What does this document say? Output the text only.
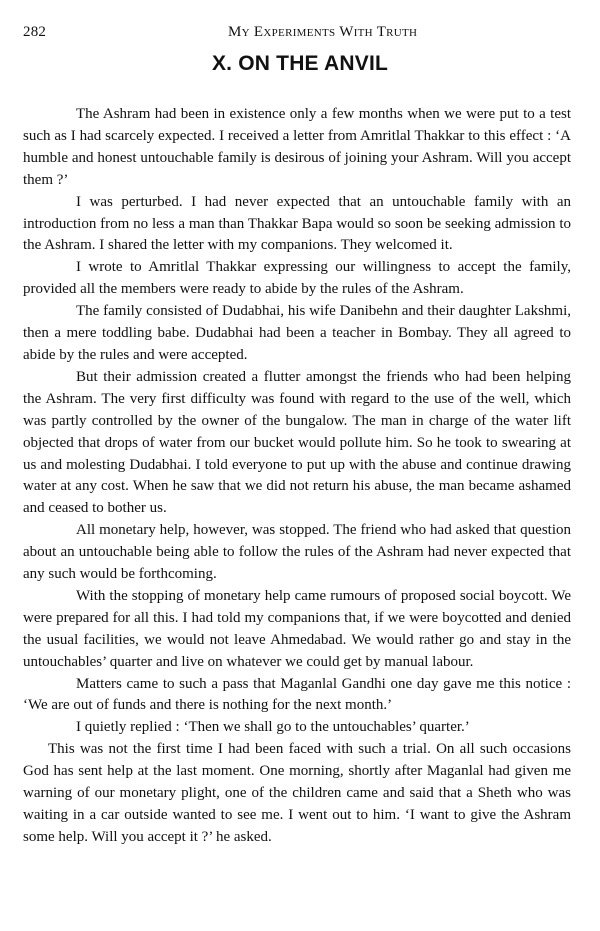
282	My Experiments With Truth
X. ON THE ANVIL

The Ashram had been in existence only a few months when we were put to a test such as I had scarcely expected. I received a letter from Amritlal Thakkar to this effect : ‘A humble and honest untouchable family is desirous of joining your Ashram. Will you accept them ?’

I was perturbed. I had never expected that an untouchable family with an introduction from no less a man than Thakkar Bapa would so soon be seeking admission to the Ashram. I shared the letter with my companions. They welcomed it.

I wrote to Amritlal Thakkar expressing our willingness to accept the family, provided all the members were ready to abide by the rules of the Ashram.

The family consisted of Dudabhai, his wife Danibehn and their daughter Lakshmi, then a mere toddling babe. Dudabhai had been a teacher in Bombay. They all agreed to abide by the rules and were accepted.

But their admission created a flutter amongst the friends who had been helping the Ashram. The very first difficulty was found with regard to the use of the well, which was partly controlled by the owner of the bungalow. The man in charge of the water lift objected that drops of water from our bucket would pollute him. So he took to swearing at us and molesting Dudabhai. I told everyone to put up with the abuse and continue drawing water at any cost. When he saw that we did not return his abuse, the man became ashamed and ceased to bother us.

All monetary help, however, was stopped. The friend who had asked that question about an untouchable being able to follow the rules of the Ashram had never expected that any such would be forthcoming.

With the stopping of monetary help came rumours of proposed social boycott. We were prepared for all this. I had told my companions that, if we were boycotted and denied the usual facilities, we would not leave Ahmedabad. We would rather go and stay in the untouchables’ quarter and live on whatever we could get by manual labour.

Matters came to such a pass that Maganlal Gandhi one day gave me this notice : ‘We are out of funds and there is nothing for the next month.’

I quietly replied : ‘Then we shall go to the untouchables’ quarter.’

This was not the first time I had been faced with such a trial. On all such occasions God has sent help at the last moment. One morning, shortly after Maganlal had given me warning of our monetary plight, one of the children came and said that a Sheth who was waiting in a car outside wanted to see me. I went out to him. ‘I want to give the Ashram some help. Will you accept it ?’ he asked.
